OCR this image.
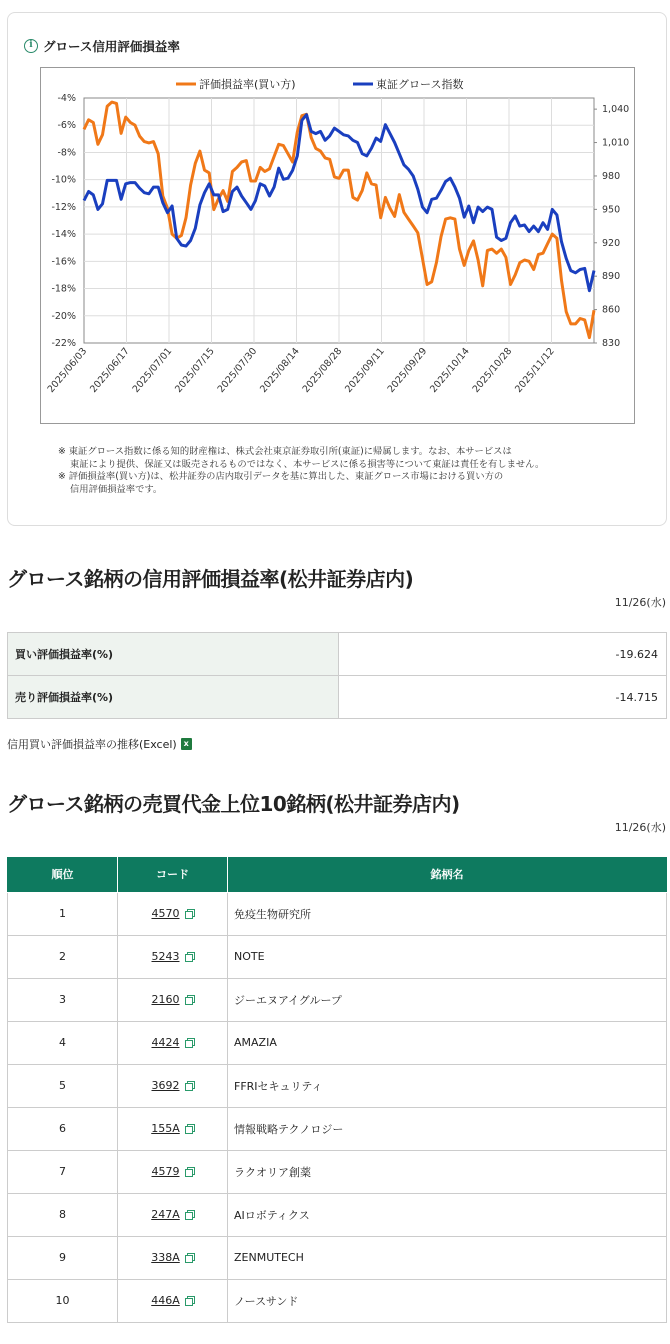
i グロース信用評価損益率
-4%
-6%
-8%
-10%
-12%
-14%
-16%
-18%
-20%
-22%
1,040
1,010
980
950
920
890
860
830
2025/06/03
2025/06/17
2025/07/01
2025/07/15
2025/07/30
2025/08/14
2025/08/28
2025/09/11
2025/09/29
2025/10/14
2025/10/28
2025/11/12
評価損益率(買い方)	東証グロース指数
※ 東証グロース指数に係る知的財産権は、株式会社東京証券取引所(東証)に帰属します。なお、本サービスは
東証により提供、保証又は販売されるものではなく、本サービスに係る損害等について東証は責任を有しません。
※ 評価損益率(買い方)は、松井証券の店内取引データを基に算出した、東証グロース市場における買い方の
信用評価損益率です。
グロース銘柄の信用評価損益率(松井証券店内)
11/26(水)
買い評価損益率(%)	-19.624
売り評価損益率(%)	-14.715
信用買い評価損益率の推移(Excel) x
グロース銘柄の売買代金上位10銘柄(松井証券店内)
11/26(水)
順位	コード	銘柄名
1	4570	免疫生物研究所
2	5243	NOTE
3	2160	ジーエヌアイグループ
4	4424	AMAZIA
5	3692	FFRIセキュリティ
6	155A	情報戦略テクノロジー
7	4579	ラクオリア創薬
8	247A	AIロボティクス
9	338A	ZENMUTECH
10	446A	ノースサンド
